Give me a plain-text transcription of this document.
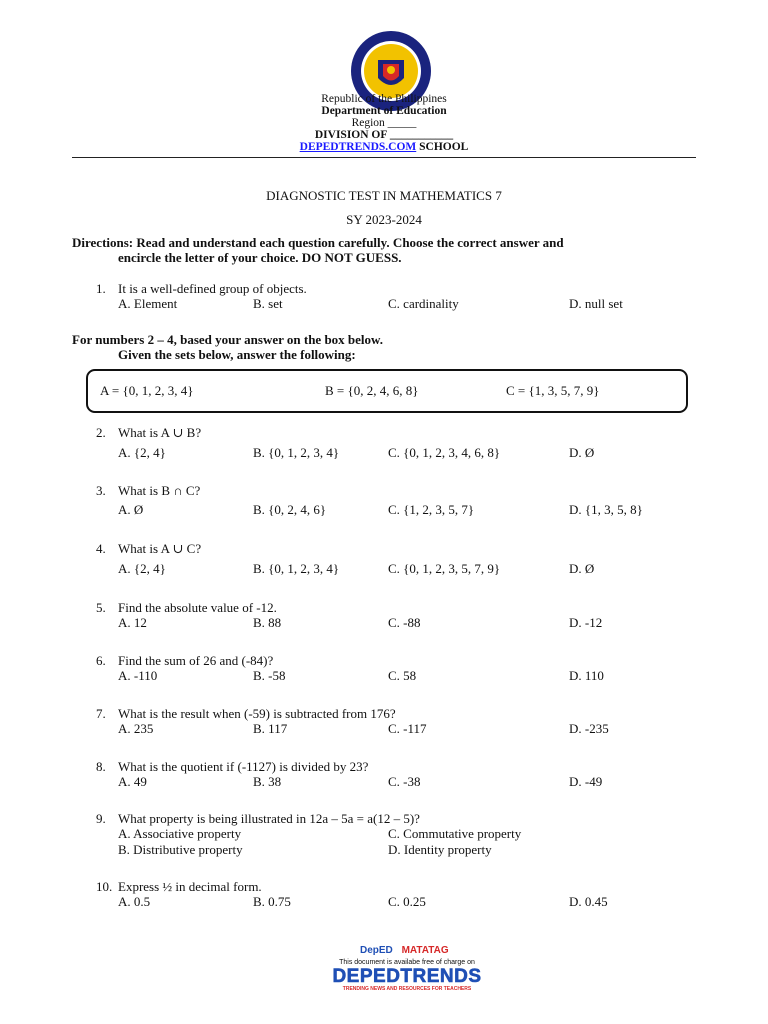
Republic of the Philippines
Department of Education
Region _____
DIVISION OF ___________
DEPEDTRENDS.COM SCHOOL
DIAGNOSTIC TEST IN MATHEMATICS 7
SY 2023-2024
Directions: Read and understand each question carefully. Choose the correct answer and
encircle the letter of your choice. DO NOT GUESS.
1. It is a well-defined group of objects.
A. Element	B. set	C. cardinality	D. null set
For numbers 2 – 4, based your answer on the box below.
Given the sets below, answer the following:
A = {0, 1, 2, 3, 4}	B = {0, 2, 4, 6, 8}	C = {1, 3, 5, 7, 9}
2. What is A ∪ B?
A. {2, 4}	B. {0, 1, 2, 3, 4}	C. {0, 1, 2, 3, 4, 6, 8}	D. Ø
3. What is B ∩ C?
A. Ø	B. {0, 2, 4, 6}	C. {1, 2, 3, 5, 7}	D. {1, 3, 5, 8}
4. What is A ∪ C?
A. {2, 4}	B. {0, 1, 2, 3, 4}	C. {0, 1, 2, 3, 5, 7, 9}	D. Ø
5. Find the absolute value of -12.
A. 12	B. 88	C. -88	D. -12
6. Find the sum of 26 and (-84)?
A. -110	B. -58	C. 58	D. 110
7. What is the result when (-59) is subtracted from 176?
A. 235	B. 117	C. -117	D. -235
8. What is the quotient if (-1127) is divided by 23?
A. 49	B. 38	C. -38	D. -49
9. What property is being illustrated in 12a – 5a = a(12 – 5)?
A. Associative property	C. Commutative property
B. Distributive property	D. Identity property
10. Express ½ in decimal form.
A. 0.5	B. 0.75	C. 0.25	D. 0.45
DepED MATATAG
This document is availabe free of charge on
DEPEDTRENDS
TRENDING NEWS AND RESOURCES FOR TEACHERS
